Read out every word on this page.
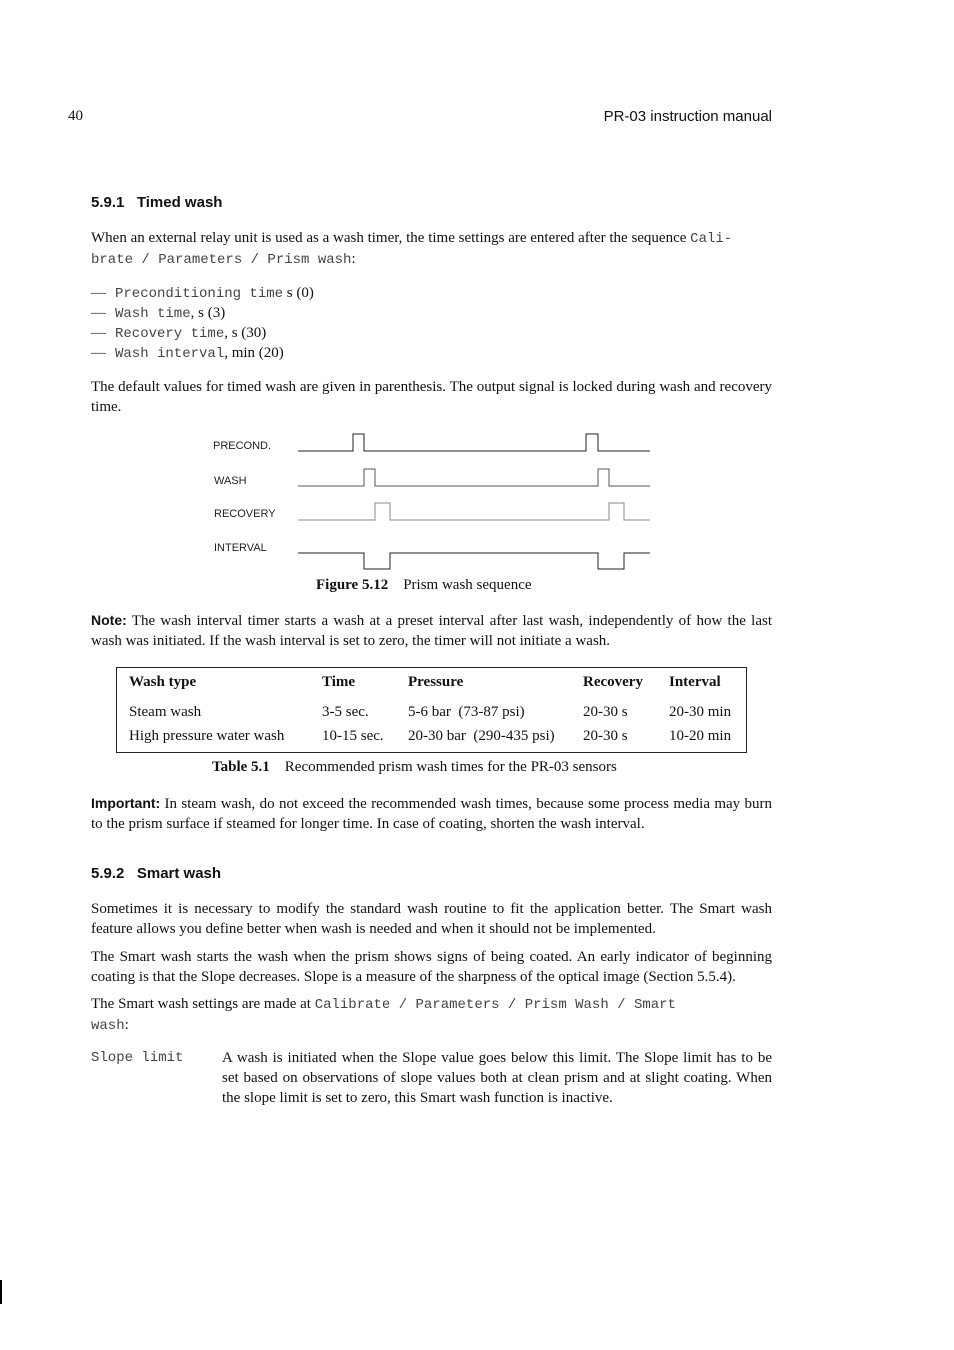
40	PR-03 instruction manual
5.9.1   Timed wash
When an external relay unit is used as a wash timer, the time settings are entered after the sequence Cali-
brate / Parameters / Prism wash:
— Preconditioning time s (0)
— Wash time, s (3)
— Recovery time, s (30)
— Wash interval, min (20)
The default values for timed wash are given in parenthesis. The output signal is locked during wash and recovery time.
PRECOND.
WASH
RECOVERY
INTERVAL
Figure 5.12 Prism wash sequence
Note: The wash interval timer starts a wash at a preset interval after last wash, independently of how the last wash was initiated. If the wash interval is set to zero, the timer will not initiate a wash.
Wash type	Time	Pressure	Recovery	Interval

Steam wash	3-5 sec.	5-6 bar  (73-87 psi)	20-30 s	20-30 min
High pressure water wash	10-15 sec.	20-30 bar  (290-435 psi)	20-30 s	10-20 min
Table 5.1 Recommended prism wash times for the PR-03 sensors
Important: In steam wash, do not exceed the recommended wash times, because some process media may burn to the prism surface if steamed for longer time. In case of coating, shorten the wash interval.
5.9.2   Smart wash
Sometimes it is necessary to modify the standard wash routine to fit the application better. The Smart wash feature allows you define better when wash is needed and when it should not be implemented.
The Smart wash starts the wash when the prism shows signs of being coated. An early indicator of beginning coating is that the Slope decreases. Slope is a measure of the sharpness of the optical image (Section 5.5.4).
The Smart wash settings are made at Calibrate / Parameters / Prism Wash / Smart
wash:
Slope limit	A wash is initiated when the Slope value goes below this limit. The Slope limit has to be set based on observations of slope values both at clean prism and at slight coating. When the slope limit is set to zero, this Smart wash function is inactive.
